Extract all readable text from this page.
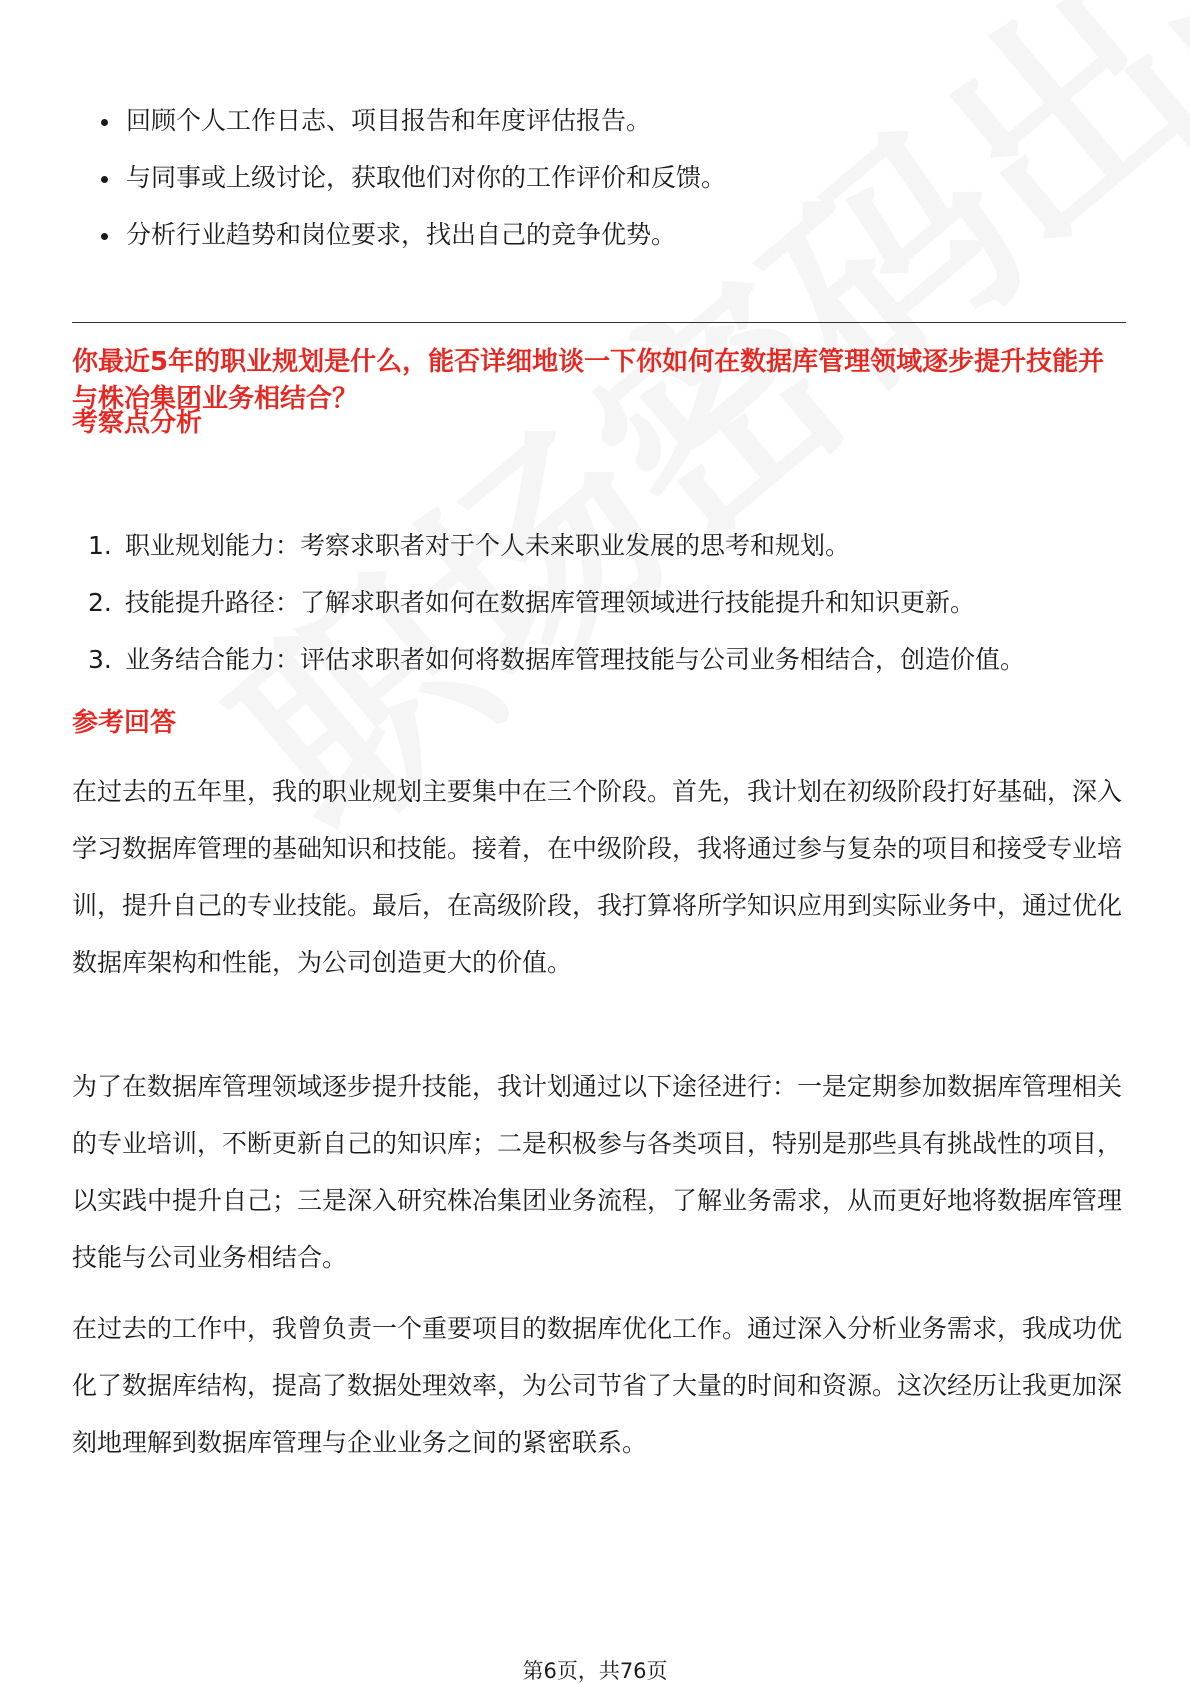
回顾个人工作日志、项目报告和年度评估报告。
与同事或上级讨论，获取他们对你的工作评价和反馈。
分析行业趋势和岗位要求，找出自己的竞争优势。
你最近5年的职业规划是什么，能否详细地谈一下你如何在数据库管理领域逐步提升技能并与株冶集团业务相结合？
考察点分析
1. 职业规划能力：考察求职者对于个人未来职业发展的思考和规划。
2. 技能提升路径：了解求职者如何在数据库管理领域进行技能提升和知识更新。
3. 业务结合能力：评估求职者如何将数据库管理技能与公司业务相结合，创造价值。
参考回答

在过去的五年里，我的职业规划主要集中在三个阶段。首先，我计划在初级阶段打好基础，深入学习数据库管理的基础知识和技能。接着，在中级阶段，我将通过参与复杂的项目和接受专业培训，提升自己的专业技能。最后，在高级阶段，我打算将所学知识应用到实际业务中，通过优化数据库架构和性能，为公司创造更大的价值。

为了在数据库管理领域逐步提升技能，我计划通过以下途径进行：一是定期参加数据库管理相关的专业培训，不断更新自己的知识库；二是积极参与各类项目，特别是那些具有挑战性的项目，以实践中提升自己；三是深入研究株冶集团业务流程，了解业务需求，从而更好地将数据库管理技能与公司业务相结合。

在过去的工作中，我曾负责一个重要项目的数据库优化工作。通过深入分析业务需求，我成功优化了数据库结构，提高了数据处理效率，为公司节省了大量的时间和资源。这次经历让我更加深刻地理解到数据库管理与企业业务之间的紧密联系。

第6页，共76页
